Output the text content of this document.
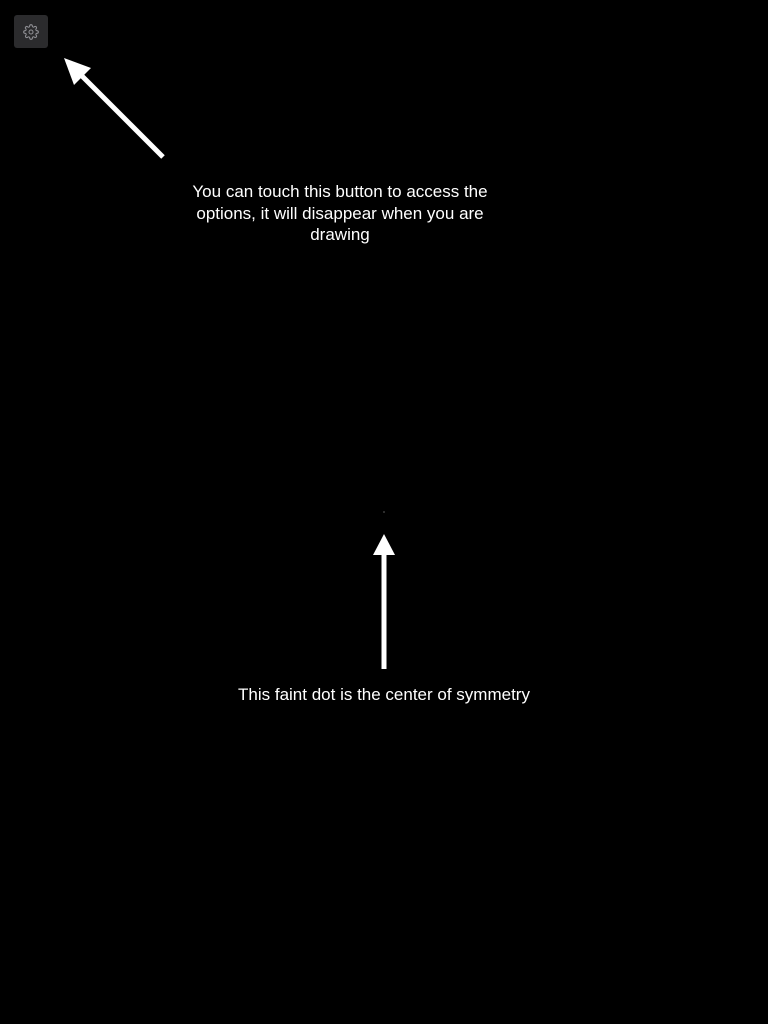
You can touch this button to access the options, it will disappear when you are drawing

This faint dot is the center of symmetry
